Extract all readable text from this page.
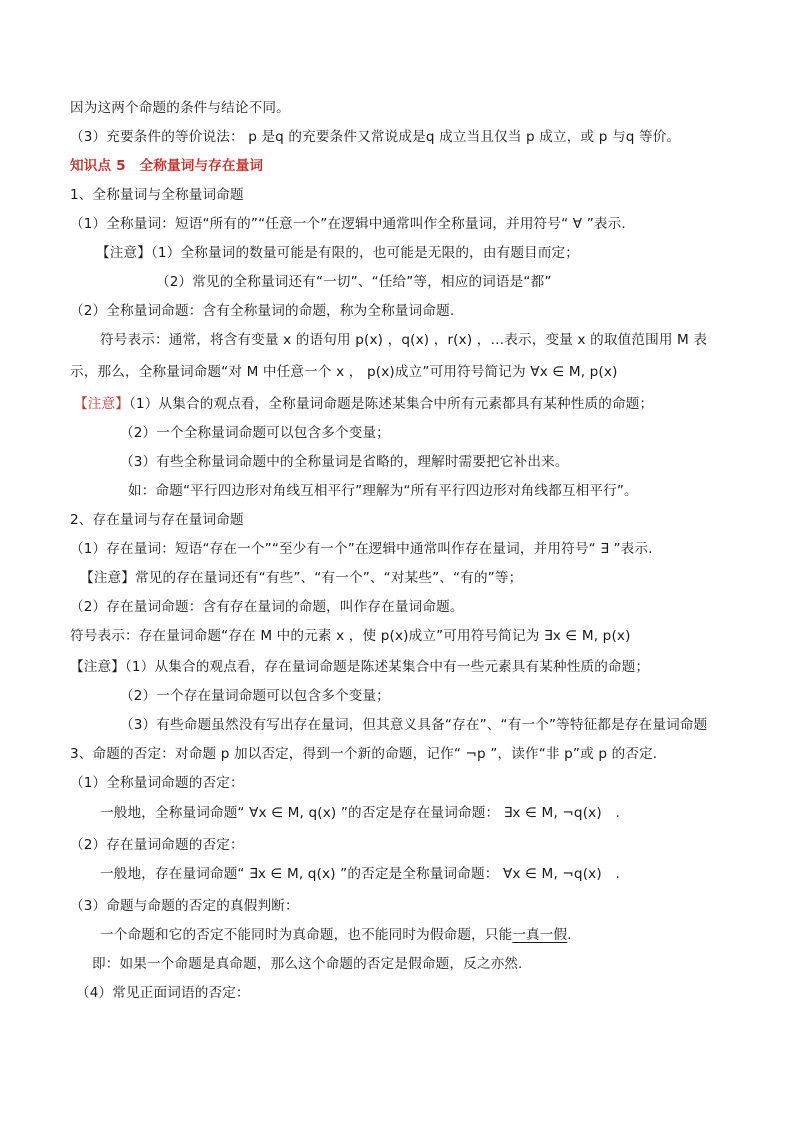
因为这两个命题的条件与结论不同。
（3）充要条件的等价说法： p 是q 的充要条件又常说成是q 成立当且仅当 p 成立，或 p 与q 等价。
知识点 5　全称量词与存在量词
1、全称量词与全称量词命题
（1）全称量词：短语“所有的”“任意一个”在逻辑中通常叫作全称量词，并用符号“ ∀ ”表示.
【注意】（1）全称量词的数量可能是有限的，也可能是无限的，由有题目而定；
（2）常见的全称量词还有“一切”、“任给”等，相应的词语是“都”
（2）全称量词命题：含有全称量词的命题，称为全称量词命题.
符号表示：通常，将含有变量 x 的语句用 p(x) ，q(x) ，r(x) ，…表示，变量 x 的取值范围用 M 表
示，那么，全称量词命题“对 M 中任意一个 x ， p(x)成立”可用符号简记为 ∀x ∈ M, p(x)
【注意】（1）从集合的观点看，全称量词命题是陈述某集合中所有元素都具有某种性质的命题；
（2）一个全称量词命题可以包含多个变量；
（3）有些全称量词命题中的全称量词是省略的，理解时需要把它补出来。
如：命题“平行四边形对角线互相平行”理解为“所有平行四边形对角线都互相平行”。
2、存在量词与存在量词命题
（1）存在量词：短语“存在一个”“至少有一个”在逻辑中通常叫作存在量词，并用符号“ ∃ ”表示.
【注意】常见的存在量词还有“有些”、“有一个”、“对某些”、“有的”等；
（2）存在量词命题：含有存在量词的命题，叫作存在量词命题。
符号表示：存在量词命题“存在 M 中的元素 x ，使 p(x)成立”可用符号简记为 ∃x ∈ M, p(x)
【注意】（1）从集合的观点看，存在量词命题是陈述某集合中有一些元素具有某种性质的命题；
（2）一个存在量词命题可以包含多个变量；
（3）有些命题虽然没有写出存在量词，但其意义具备“存在”、“有一个”等特征都是存在量词命题
3、命题的否定：对命题 p 加以否定，得到一个新的命题，记作“ ¬p ”，读作“非 p”或 p 的否定.
（1）全称量词命题的否定：
一般地，全称量词命题“ ∀x ∈ M, q(x) ”的否定是存在量词命题： ∃x ∈ M, ¬q(x)　.
（2）存在量词命题的否定：
一般地，存在量词命题“ ∃x ∈ M, q(x) ”的否定是全称量词命题： ∀x ∈ M, ¬q(x)　.
（3）命题与命题的否定的真假判断：
一个命题和它的否定不能同时为真命题，也不能同时为假命题，只能一真一假.
即：如果一个命题是真命题，那么这个命题的否定是假命题，反之亦然.
（4）常见正面词语的否定：
